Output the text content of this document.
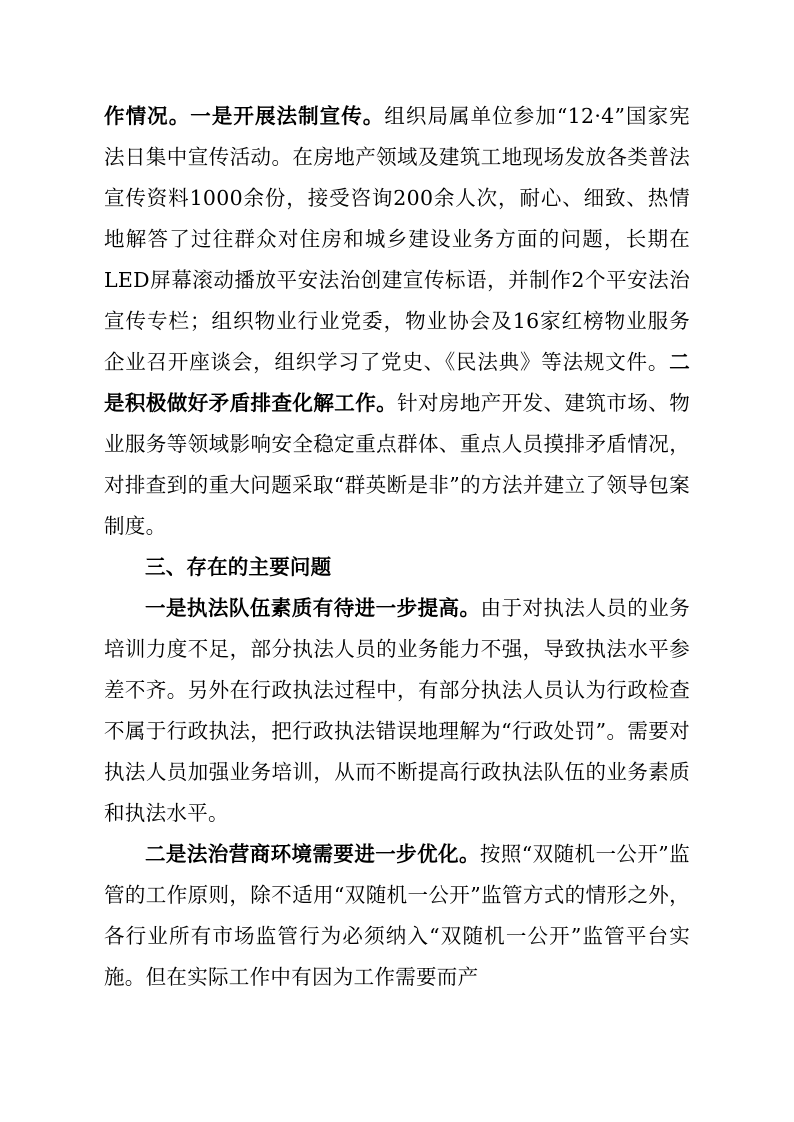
作情况。一是开展法制宣传。组织局属单位参加“12·4”国家宪法日集中宣传活动。在房地产领域及建筑工地现场发放各类普法宣传资料1000余份，接受咨询200余人次，耐心、细致、热情地解答了过往群众对住房和城乡建设业务方面的问题，长期在LED屏幕滚动播放平安法治创建宣传标语，并制作2个平安法治宣传专栏；组织物业行业党委，物业协会及16家红榜物业服务企业召开座谈会，组织学习了党史、《民法典》等法规文件。二是积极做好矛盾排查化解工作。针对房地产开发、建筑市场、物业服务等领域影响安全稳定重点群体、重点人员摸排矛盾情况，对排查到的重大问题采取“群英断是非”的方法并建立了领导包案制度。

三、存在的主要问题

一是执法队伍素质有待进一步提高。由于对执法人员的业务培训力度不足，部分执法人员的业务能力不强，导致执法水平参差不齐。另外在行政执法过程中，有部分执法人员认为行政检查不属于行政执法，把行政执法错误地理解为“行政处罚”。需要对执法人员加强业务培训，从而不断提高行政执法队伍的业务素质和执法水平。

二是法治营商环境需要进一步优化。按照“双随机一公开”监管的工作原则，除不适用“双随机一公开”监管方式的情形之外，各行业所有市场监管行为必须纳入“双随机一公开”监管平台实施。但在实际工作中有因为工作需要而产
